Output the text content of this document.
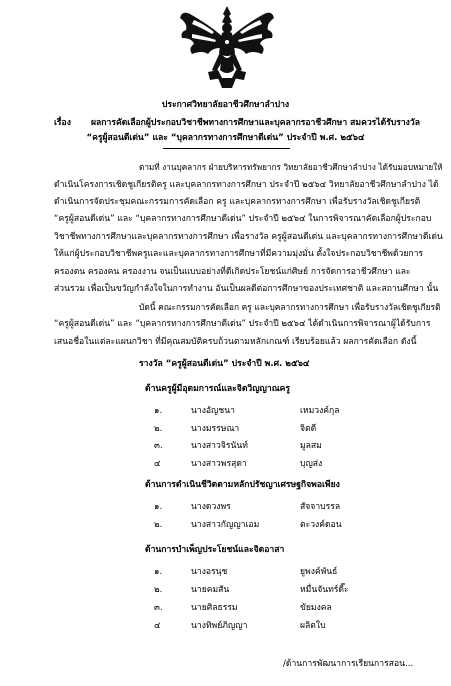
ประกาศวิทยาลัยอาชีวศึกษาลำปาง
เรื่อง ผลการคัดเลือกผู้ประกอบวิชาชีพทางการศึกษาและบุคลากรอาชีวศึกษา สมควรได้รับรางวัล
“ครูผู้สอนดีเด่น” และ “บุคลากรทางการศึกษาดีเด่น” ประจำปี พ.ศ. ๒๕๖๔
ตามที่ งานบุคลากร ฝ่ายบริหารทรัพยากร วิทยาลัยอาชีวศึกษาลำปาง ได้รับมอบหมายให้
ดำเนินโครงการเชิดชูเกียรติครู และบุคลากรทางการศึกษา ประจำปี ๒๕๖๔ วิทยาลัยอาชีวศึกษาลำปาง ได้
ดำเนินการจัดประชุมคณะกรรมการคัดเลือก ครู และบุคลากรทางการศึกษา เพื่อรับรางวัลเชิดชูเกียรติ
“ครูผู้สอนดีเด่น” และ “บุคลากรทางการศึกษาดีเด่น” ประจำปี ๒๕๖๔ ในการพิจารณาคัดเลือกผู้ประกอบ
วิชาชีพทางการศึกษาและบุคลากรทางการศึกษา เพื่อรางวัล ครูผู้สอนดีเด่น และบุคลากรทางการศึกษาดีเด่น
ให้แก่ผู้ประกอบวิชาชีพครูและและบุคลากรทางการศึกษาที่มีความมุ่งมั่น ตั้งใจประกอบวิชาชีพด้วยการ
ครองตน ครองคน ครองงาน จนเป็นแบบอย่างที่ดีเกิดประโยชน์แก่ศิษย์ การจัดการอาชีวศึกษา และ
ส่วนรวม เพื่อเป็นขวัญกำลังใจในการทำงาน อันเป็นผลดีต่อการศึกษาของประเทศชาติ และสถานศึกษา นั้น
บัดนี้ คณะกรรมการคัดเลือก ครู และบุคลากรทางการศึกษา เพื่อรับรางวัลเชิดชูเกียรติ
“ครูผู้สอนดีเด่น” และ “บุคลากรทางการศึกษาดีเด่น” ประจำปี ๒๕๖๔ ได้ดำเนินการพิจารณาผู้ได้รับการ
เสนอชื่อในแต่ละแผนกวิชา ที่มีคุณสมบัติครบถ้วนตามหลักเกณฑ์ เรียบร้อยแล้ว ผลการคัดเลือก ดังนี้
รางวัล “ครูผู้สอนดีเด่น” ประจำปี พ.ศ. ๒๕๖๔
ด้านครูผู้มีอุดมการณ์และจิตวิญญาณครู
๑.	นางอัญชนา	เหมวงค์กุล
๒.	นางมรรษณา	จิตดี
๓.	นางสาวจิรนันท์	มูลสม
๔	นางสาวพรสุดา	บุญส่ง
ด้านการดำเนินชีวิตตามหลักปรัชญาเศรษฐกิจพอเพียง
๑.	นางดวงพร	สัจจาบรรล
๒.	นางสาวกัญญาเอม	ตะวงค์ดอน
ด้านการบำเพ็ญประโยชน์และจิตอาสา
๑.	นางอรนุช	ยูพงค์พันธ์
๒.	นายคมสัน	หมื่นจันทร์ดี๊ะ
๓.	นายศิลธรรม	ขัยมงคล
๔	นางทิพย์ภิญญา	ผลิตใบ
/ด้านการพัฒนาการเรียนการสอน...
